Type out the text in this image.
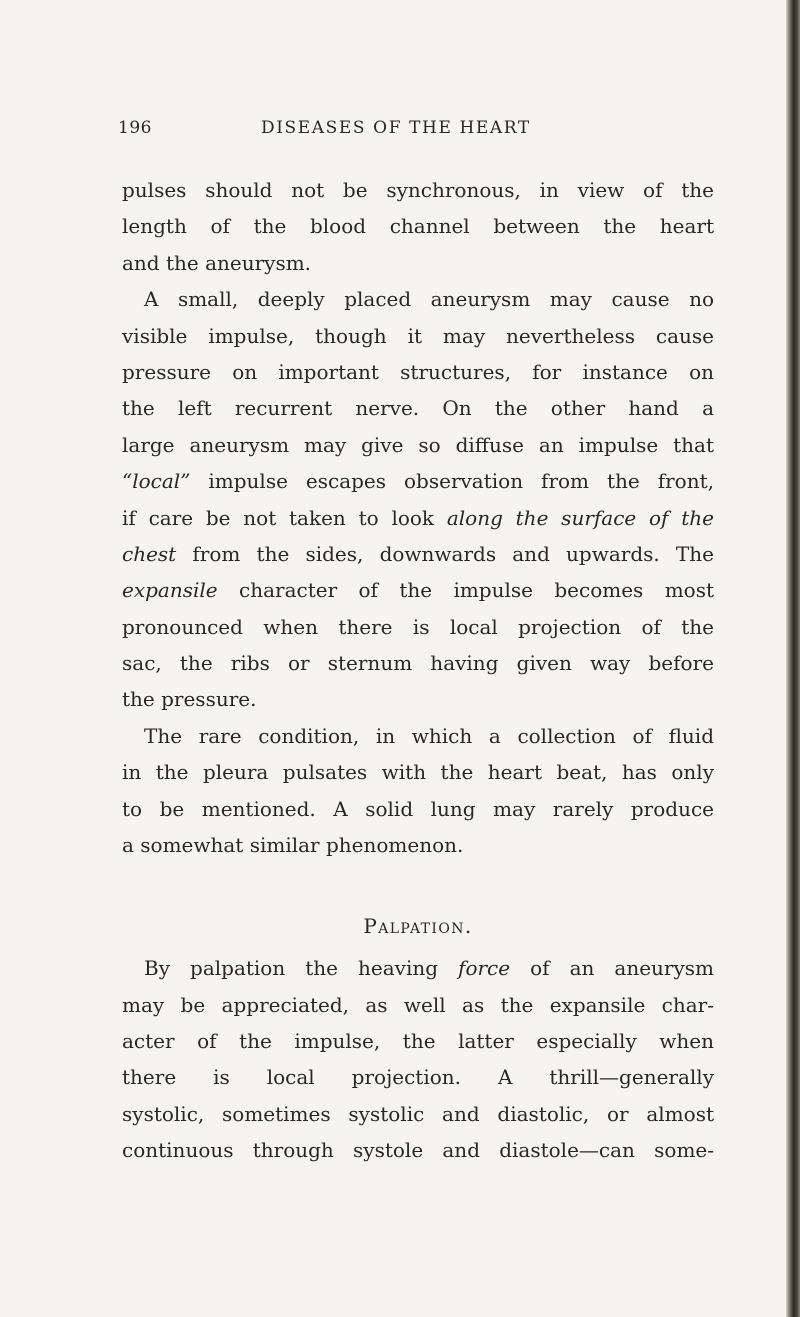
196	DISEASES OF THE HEART
pulses should not be synchronous, in view of the
length of the blood channel between the heart
and the aneurysm.
A small, deeply placed aneurysm may cause no
visible impulse, though it may nevertheless cause
pressure on important structures, for instance on
the left recurrent nerve. On the other hand a
large aneurysm may give so diffuse an impulse that
“local” impulse escapes observation from the front,
if care be not taken to look along the surface of the
chest from the sides, downwards and upwards. The
expansile character of the impulse becomes most
pronounced when there is local projection of the
sac, the ribs or sternum having given way before
the pressure.
The rare condition, in which a collection of fluid
in the pleura pulsates with the heart beat, has only
to be mentioned. A solid lung may rarely produce
a somewhat similar phenomenon.
Palpation.
By palpation the heaving force of an aneurysm
may be appreciated, as well as the expansile char-
acter of the impulse, the latter especially when
there is local projection. A thrill—generally
systolic, sometimes systolic and diastolic, or almost
continuous through systole and diastole—can some-
